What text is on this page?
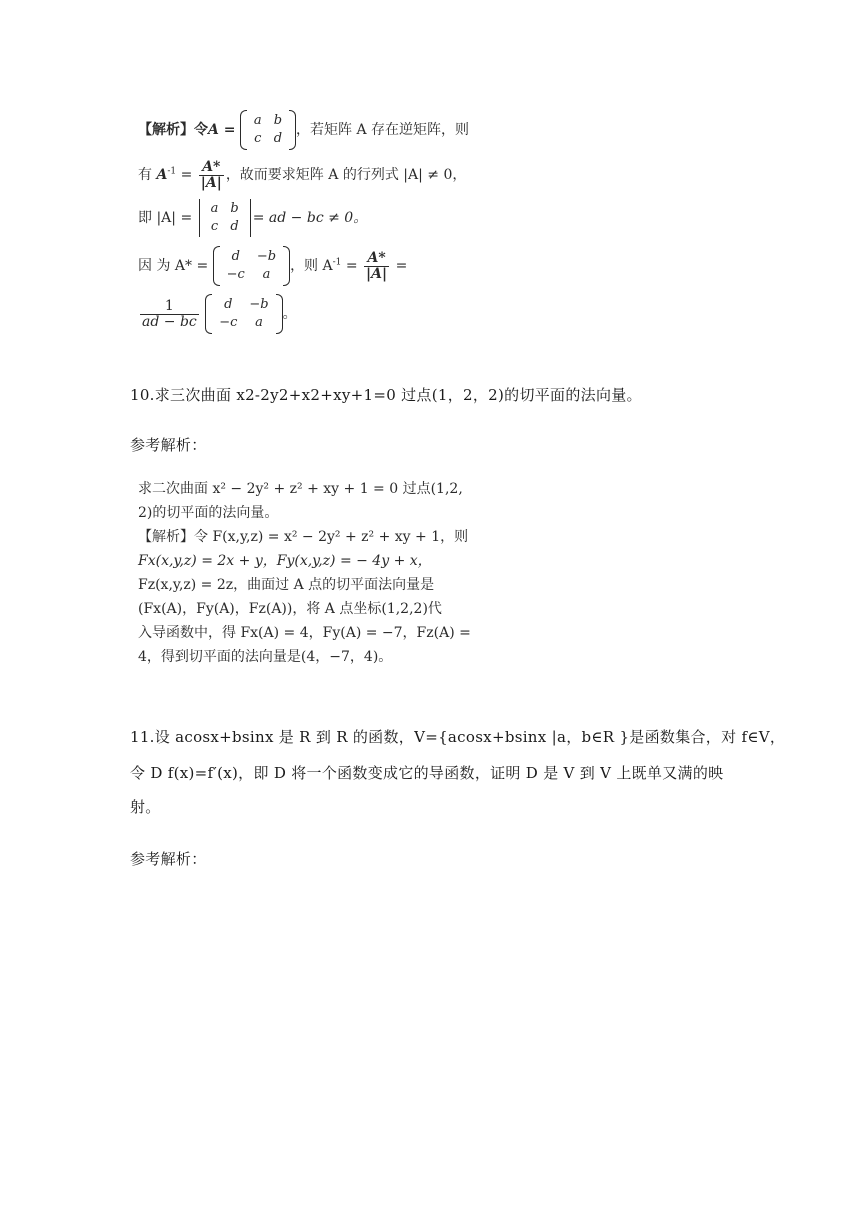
【解析】令A =
a	b
c	d
，若矩阵 A 存在逆矩阵，则
有 $A^{-1} = \frac{A*}{|A|}$ ，故而要求矩阵 A 的行列式 |A| ≠ 0，
即 |A| =
a	b
c	d
= ad − bc ≠ 0。
因 为 A* =
d	−b
−c	a
，则 $A^{-1} = \frac{A*}{|A|}$ =
$\frac{1}{ad - bc}$
d	−b
−c	a
。
10.求三次曲面 x2-2y2+x2+xy+1=0 过点(1，2，2)的切平面的法向量。
参考解析：
求二次曲面 x² − 2y² + z² + xy + 1 = 0 过点(1,2,
2)的切平面的法向量。
【解析】令 F(x,y,z) = x² − 2y² + z² + xy + 1，则
Fx(x,y,z) = 2x + y，Fy(x,y,z) = − 4y + x，
Fz(x,y,z) = 2z，曲面过 A 点的切平面法向量是
(Fx(A)，Fy(A)，Fz(A))，将 A 点坐标(1,2,2)代
入导函数中，得 Fx(A) = 4，Fy(A) = −7，Fz(A) =
4，得到切平面的法向量是(4，−7，4)。
11.设 acosx+bsinx 是 R 到 R 的函数，V={acosx+bsinx |a，b∈R }是函数集合，对 f∈V，
令 D f(x)=f′(x)，即 D 将一个函数变成它的导函数，证明 D 是 V 到 V 上既单又满的映
射。
参考解析：
